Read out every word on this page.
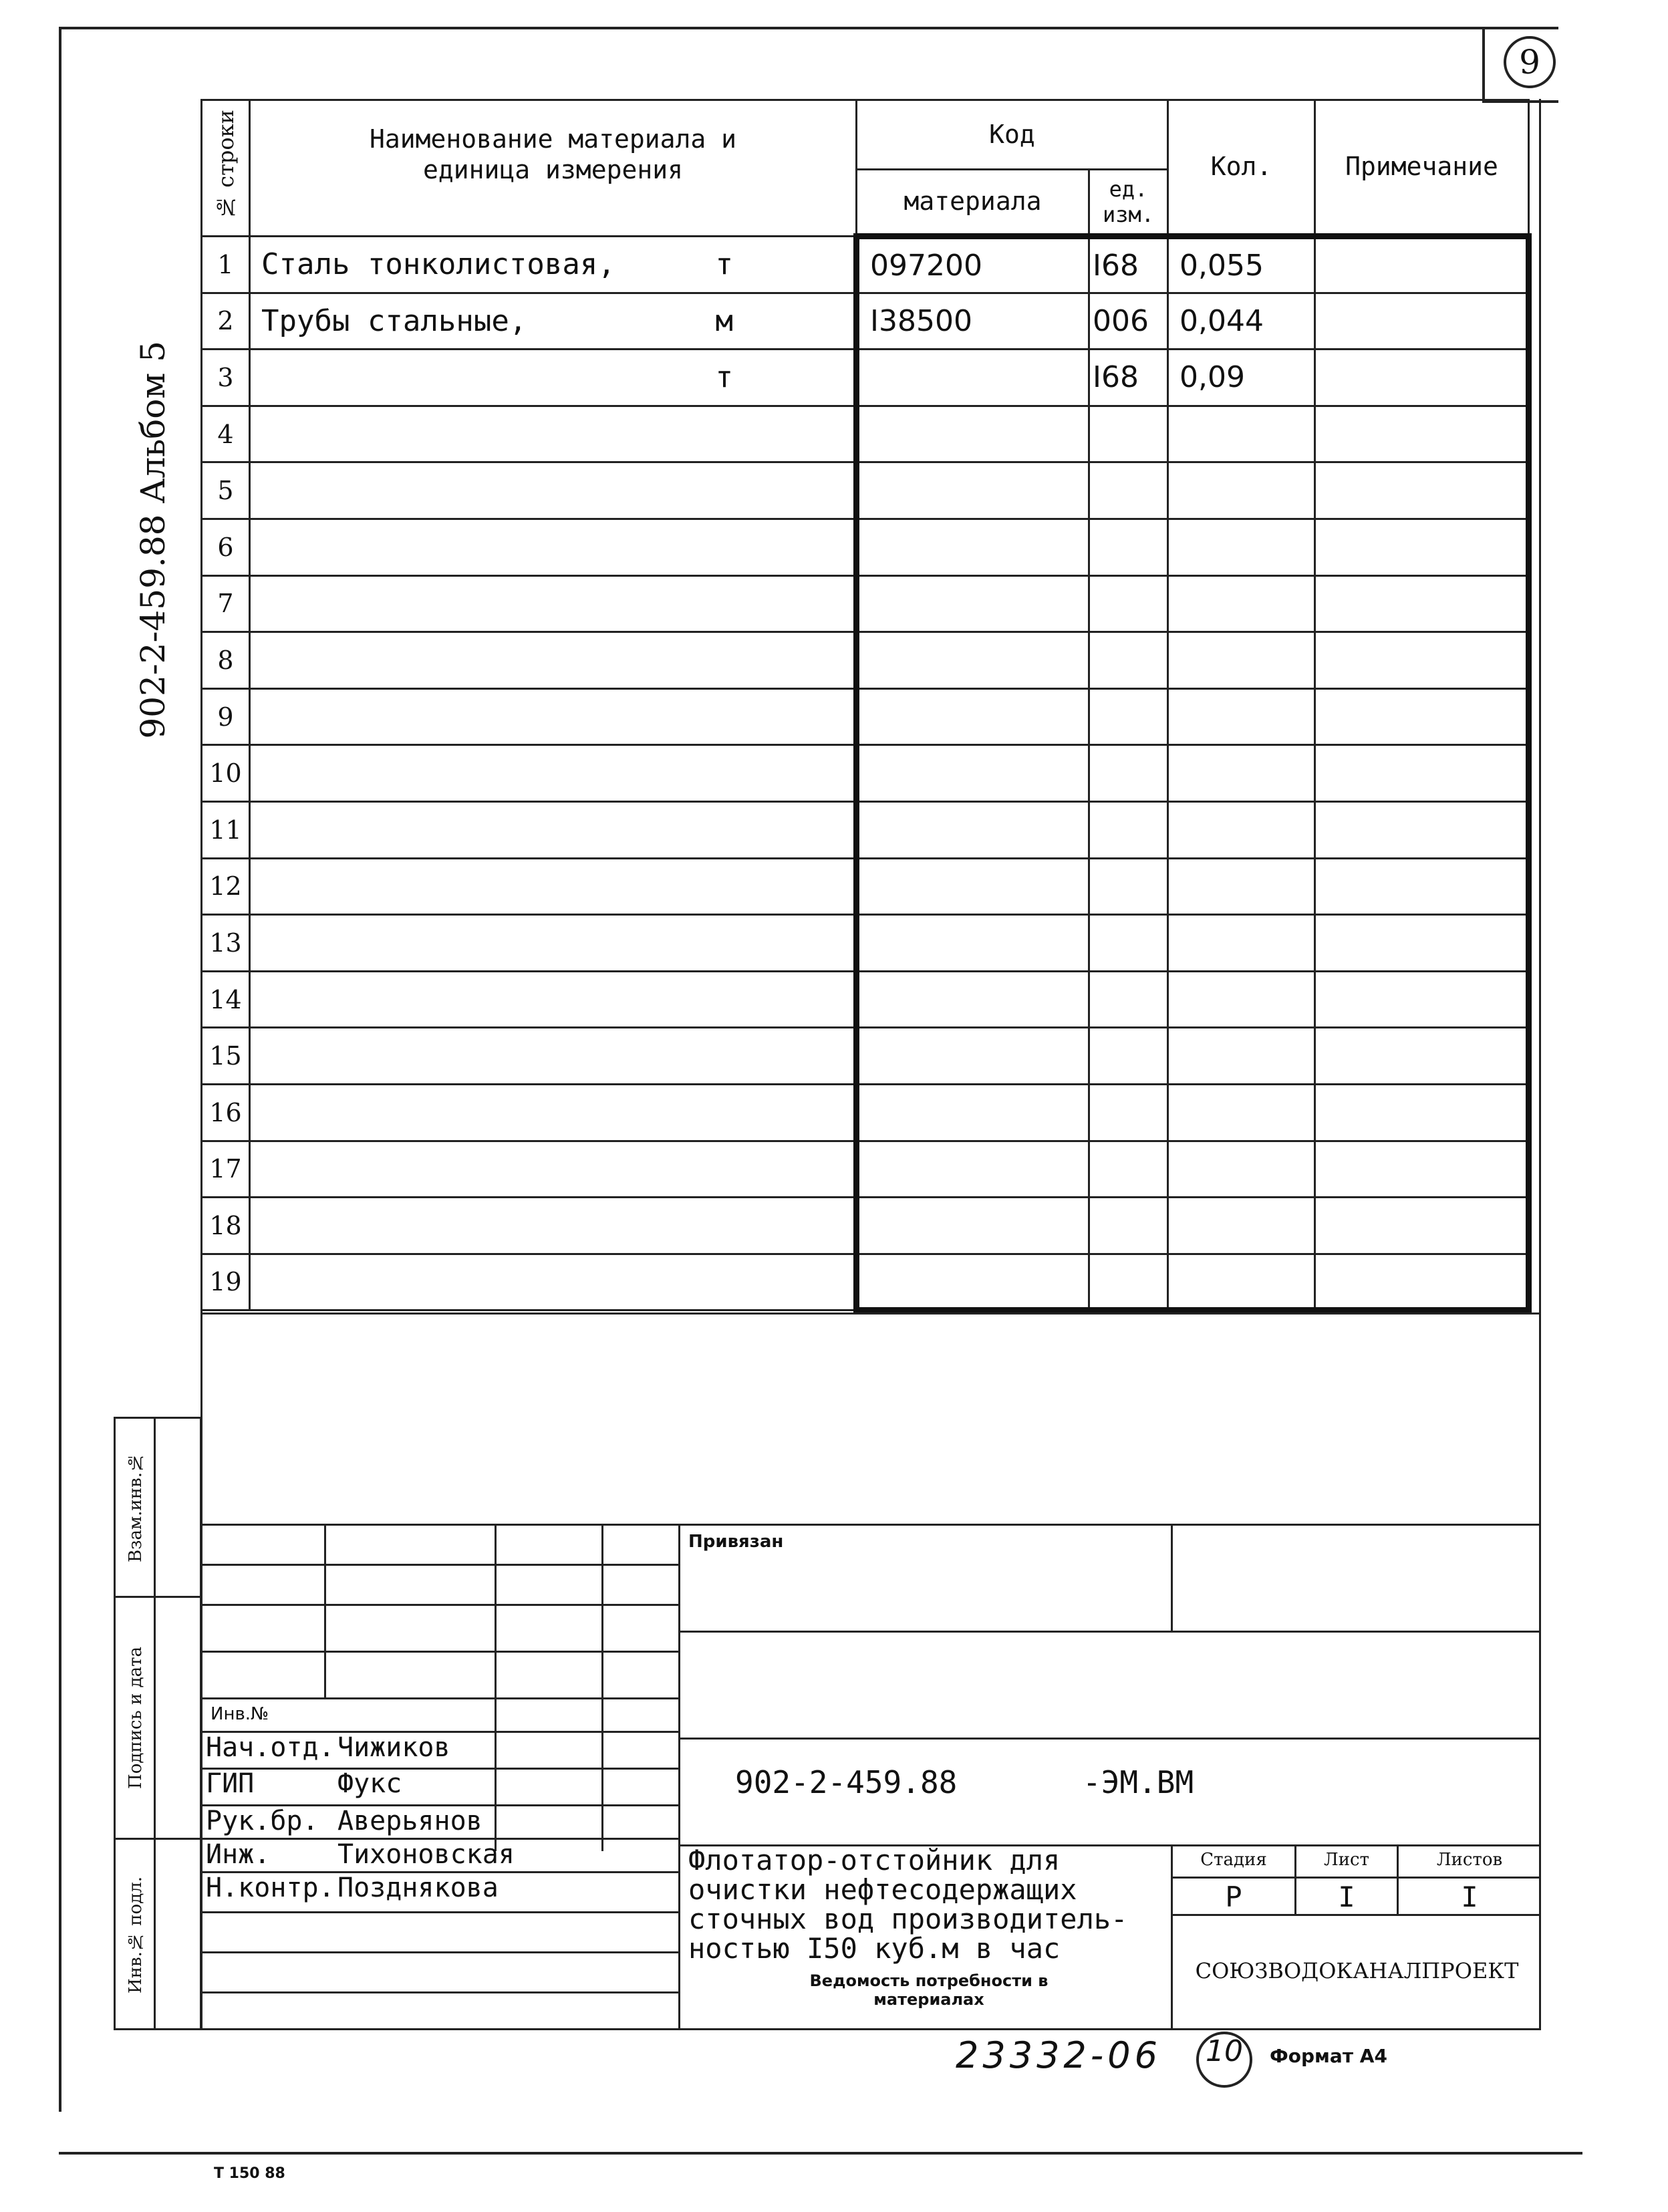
9
902-2-459.88 Альбом 5
№ строки	Наименование материала и единица измерения	Код		Кол.	Примечание
		материала	ед. изм.		
1	Сталь тонколистовая, т	097200	I68	0,055	
2	Трубы стальные, м	I38500	006	0,044	
3	т		I68	0,09	
4	

5	

6	

7	

8	

9	

10	

11	

12	

13	

14	

15	

16	

17	

18	

19	

Взам.инв.№
Подпись и дата
Инв.№ подл.
Нач.отд. Чижиков
ГИП	Фукс
Рук.бр. Аверьянов
Инж.	Тихоновская
Н.контр. Позднякова
Привязан
Инв.№
902-2-459.88	-ЭМ.ВМ
Флотатор-отстойник для
очистки нефтесодержащих
сточных вод производитель-
ностью I50 куб.м в час
Ведомость потребности в материалах
Стадия	Лист	Листов
Р	I	I
СОЮЗВОДОКАНАЛПРОЕКТ
23332-06	10	Формат А4
Т 150 88
